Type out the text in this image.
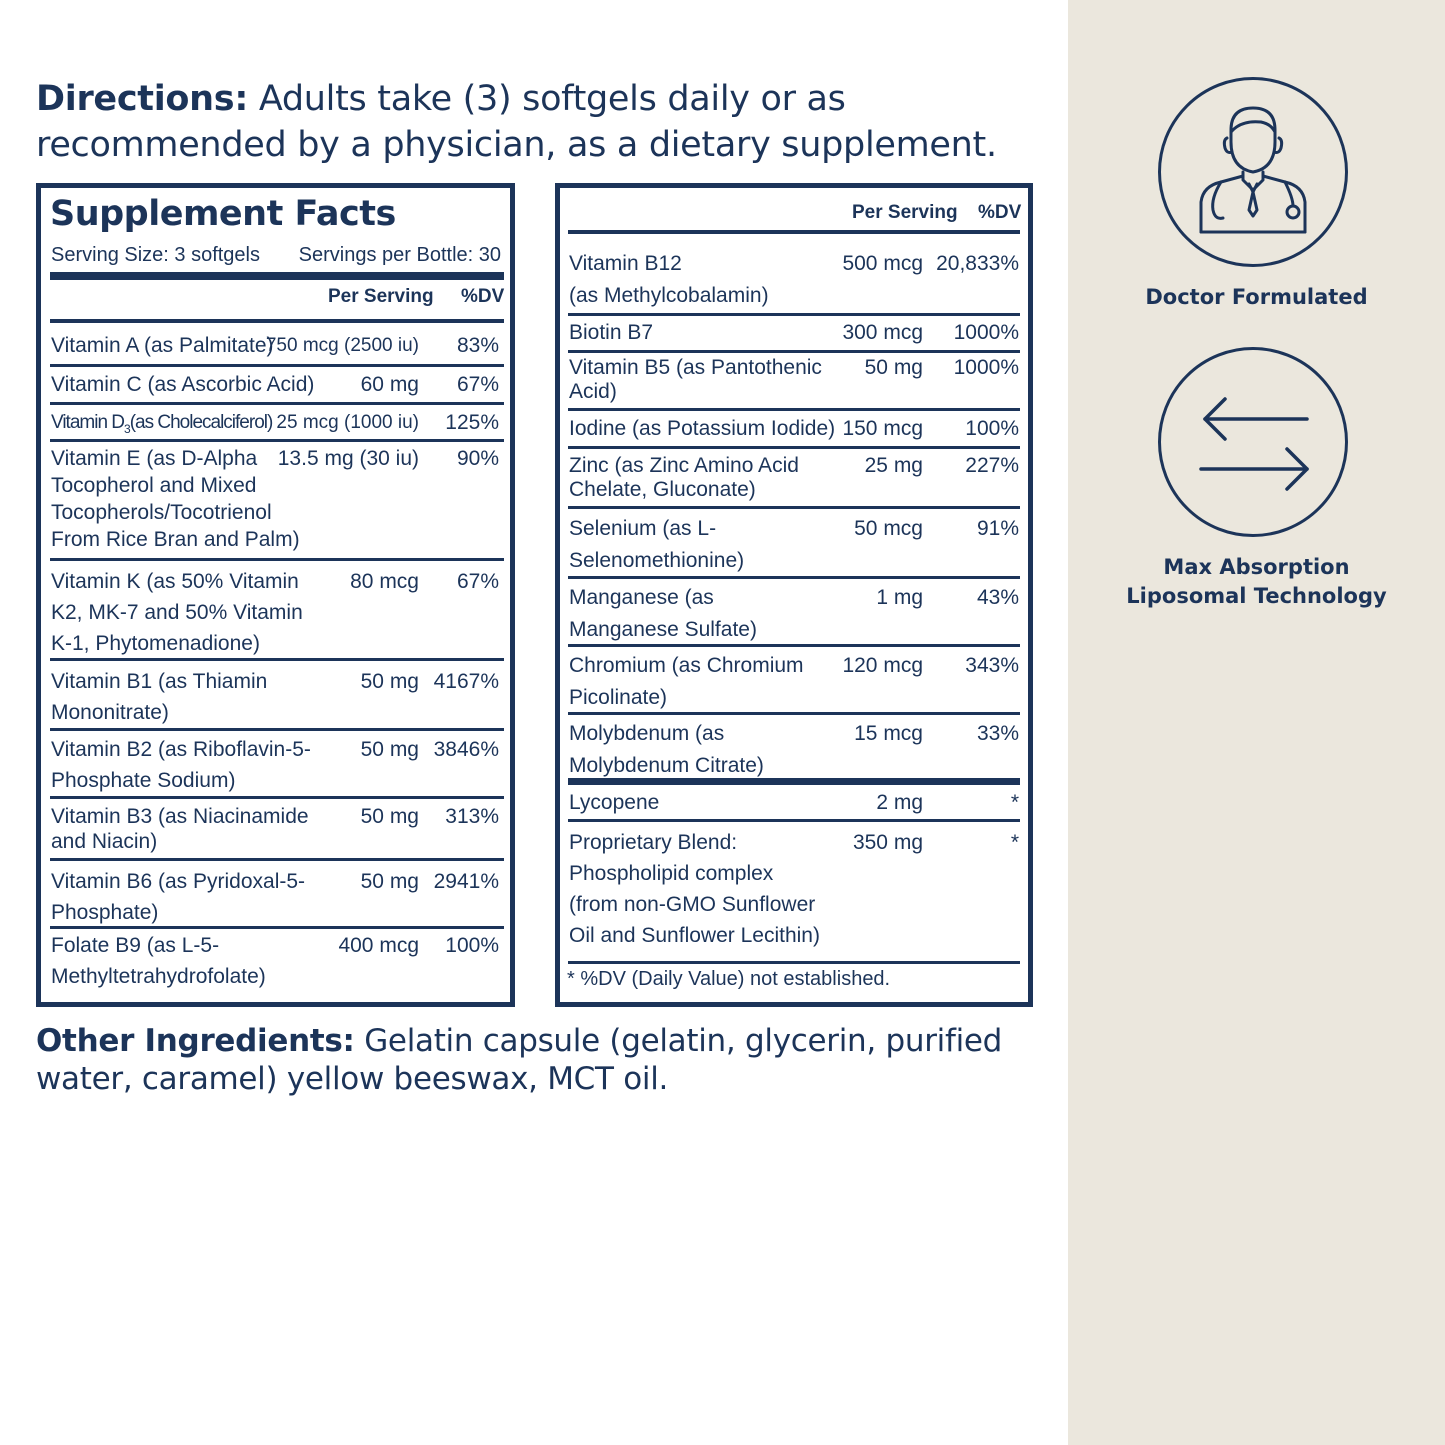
Directions: Adults take (3) softgels daily or as
recommended by a physician, as a dietary supplement.
Supplement Facts
Serving Size: 3 softgels Servings per Bottle: 30
Per Serving %DV
Vitamin A (as Palmitate)
750 mcg (2500 iu) 83%
Vitamin C (as Ascorbic Acid) 60 mg 67%
Vitamin $D_3(as$ Cholecalciferol) 25 mcg (1000 iu) 125%
Vitamin E (as D-Alpha
Tocopherol and Mixed
Tocopherols/Tocotrienol
From Rice Bran and Palm)
13.5 mg (30 iu) 90%
Vitamin K (as 50% Vitamin
K2, MK-7 and 50% Vitamin
K-1, Phytomenadione)
80 mcg 67%
Vitamin B1 (as Thiamin
Mononitrate)
50 mg 4167%
Vitamin B2 (as Riboflavin-5-
Phosphate Sodium)
50 mg 3846%
Vitamin B3 (as Niacinamide
and Niacin)
50 mg 313%
Vitamin B6 (as Pyridoxal-5-
Phosphate)
50 mg 2941%
Folate B9 (as L-5-
Methyltetrahydrofolate)
400 mcg 100%
Per Serving %DV
Vitamin B12
(as Methylcobalamin)
500 mcg 20,833%
Biotin B7	300 mcg 1000%
Vitamin B5 (as Pantothenic
Acid)
50 mg 1000%
Iodine (as Potassium Iodide) 150 mcg 100%
Zinc (as Zinc Amino Acid
Chelate, Gluconate)
25 mg 227%
Selenium (as L-
Selenomethionine)
50 mcg	91%
Manganese (as
Manganese Sulfate)
1 mg	43%
Chromium (as Chromium
Picolinate)
120 mcg 343%
Molybdenum (as
Molybdenum Citrate)
15 mcg	33%
Lycopene	2 mg	*
Proprietary Blend:
Phospholipid complex
(from non-GMO Sunflower
Oil and Sunflower Lecithin)
350 mg	*
* %DV (Daily Value) not established.
Other Ingredients: Gelatin capsule (gelatin, glycerin, purified
water, caramel) yellow beeswax, MCT oil.
Doctor Formulated
Max Absorption
Liposomal Technology
